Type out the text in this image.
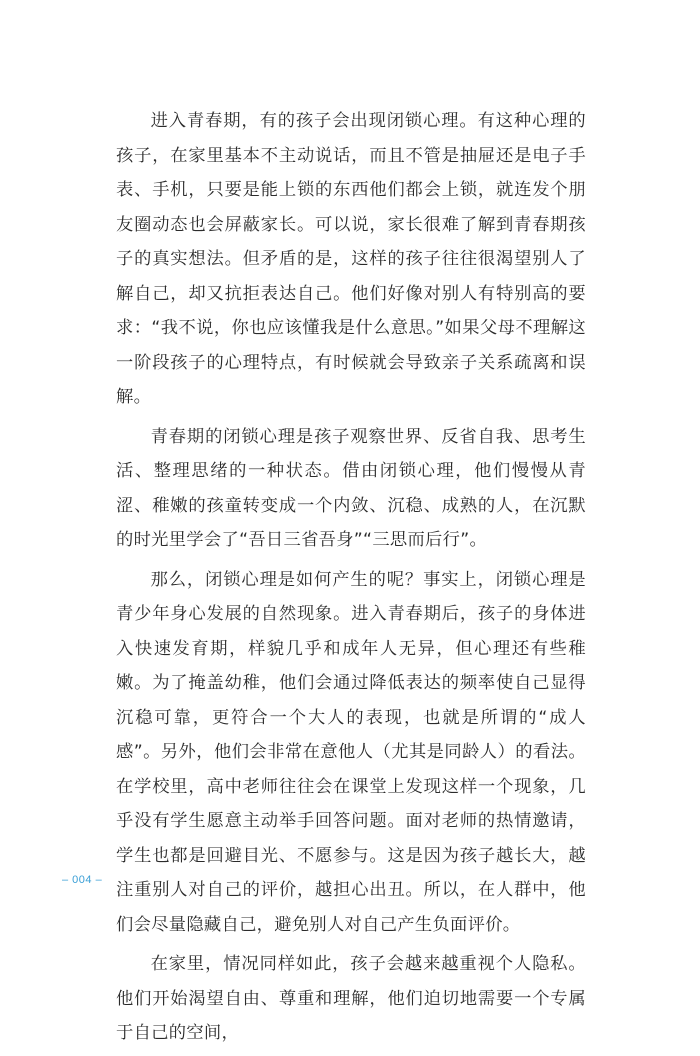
进入青春期，有的孩子会出现闭锁心理。有这种心理的孩子，在家里基本不主动说话，而且不管是抽屉还是电子手表、手机，只要是能上锁的东西他们都会上锁，就连发个朋友圈动态也会屏蔽家长。可以说，家长很难了解到青春期孩子的真实想法。但矛盾的是，这样的孩子往往很渴望别人了解自己，却又抗拒表达自己。他们好像对别人有特别高的要求：“我不说，你也应该懂我是什么意思。”如果父母不理解这一阶段孩子的心理特点，有时候就会导致亲子关系疏离和误解。

青春期的闭锁心理是孩子观察世界、反省自我、思考生活、整理思绪的一种状态。借由闭锁心理，他们慢慢从青涩、稚嫩的孩童转变成一个内敛、沉稳、成熟的人，在沉默的时光里学会了“吾日三省吾身”“三思而后行”。

那么，闭锁心理是如何产生的呢？事实上，闭锁心理是青少年身心发展的自然现象。进入青春期后，孩子的身体进入快速发育期，样貌几乎和成年人无异，但心理还有些稚嫩。为了掩盖幼稚，他们会通过降低表达的频率使自己显得沉稳可靠，更符合一个大人的表现，也就是所谓的“成人感”。另外，他们会非常在意他人（尤其是同龄人）的看法。在学校里，高中老师往往会在课堂上发现这样一个现象，几乎没有学生愿意主动举手回答问题。面对老师的热情邀请，学生也都是回避目光、不愿参与。这是因为孩子越长大，越注重别人对自己的评价，越担心出丑。所以，在人群中，他们会尽量隐藏自己，避免别人对自己产生负面评价。

在家里，情况同样如此，孩子会越来越重视个人隐私。他们开始渴望自由、尊重和理解，他们迫切地需要一个专属于自己的空间，

– 004 –
